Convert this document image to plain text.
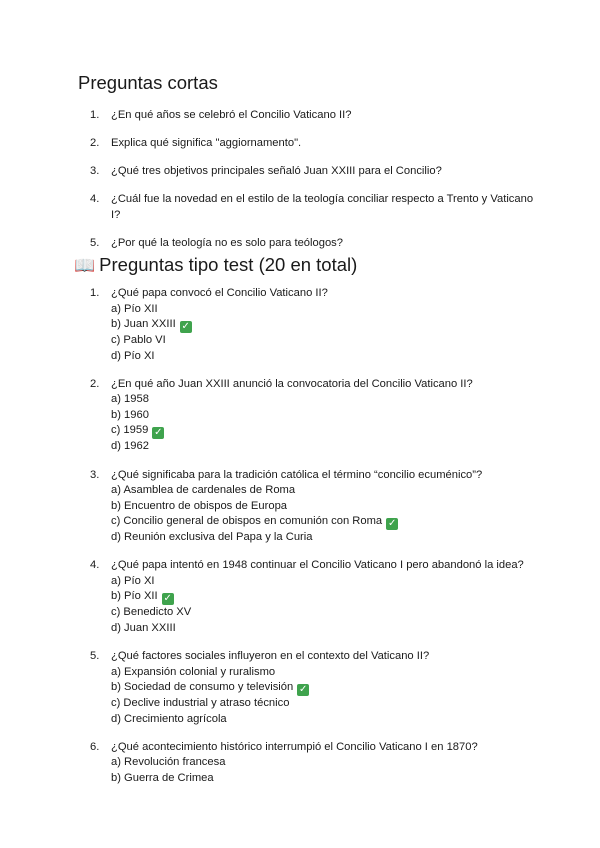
Preguntas cortas
1. ¿En qué años se celebró el Concilio Vaticano II?
2. Explica qué significa "aggiornamento".
3. ¿Qué tres objetivos principales señaló Juan XXIII para el Concilio?
4. ¿Cuál fue la novedad en el estilo de la teología conciliar respecto a Trento y Vaticano I?
5. ¿Por qué la teología no es solo para teólogos?
📖 Preguntas tipo test (20 en total)
1. ¿Qué papa convocó el Concilio Vaticano II?
a) Pío XII
b) Juan XXIII ✓
c) Pablo VI
d) Pío XI
2. ¿En qué año Juan XXIII anunció la convocatoria del Concilio Vaticano II?
a) 1958
b) 1960
c) 1959 ✓
d) 1962
3. ¿Qué significaba para la tradición católica el término “concilio ecuménico”?
a) Asamblea de cardenales de Roma
b) Encuentro de obispos de Europa
c) Concilio general de obispos en comunión con Roma ✓
d) Reunión exclusiva del Papa y la Curia
4. ¿Qué papa intentó en 1948 continuar el Concilio Vaticano I pero abandonó la idea?
a) Pío XI
b) Pío XII ✓
c) Benedicto XV
d) Juan XXIII
5. ¿Qué factores sociales influyeron en el contexto del Vaticano II?
a) Expansión colonial y ruralismo
b) Sociedad de consumo y televisión ✓
c) Declive industrial y atraso técnico
d) Crecimiento agrícola
6. ¿Qué acontecimiento histórico interrumpió el Concilio Vaticano I en 1870?
a) Revolución francesa
b) Guerra de Crimea
